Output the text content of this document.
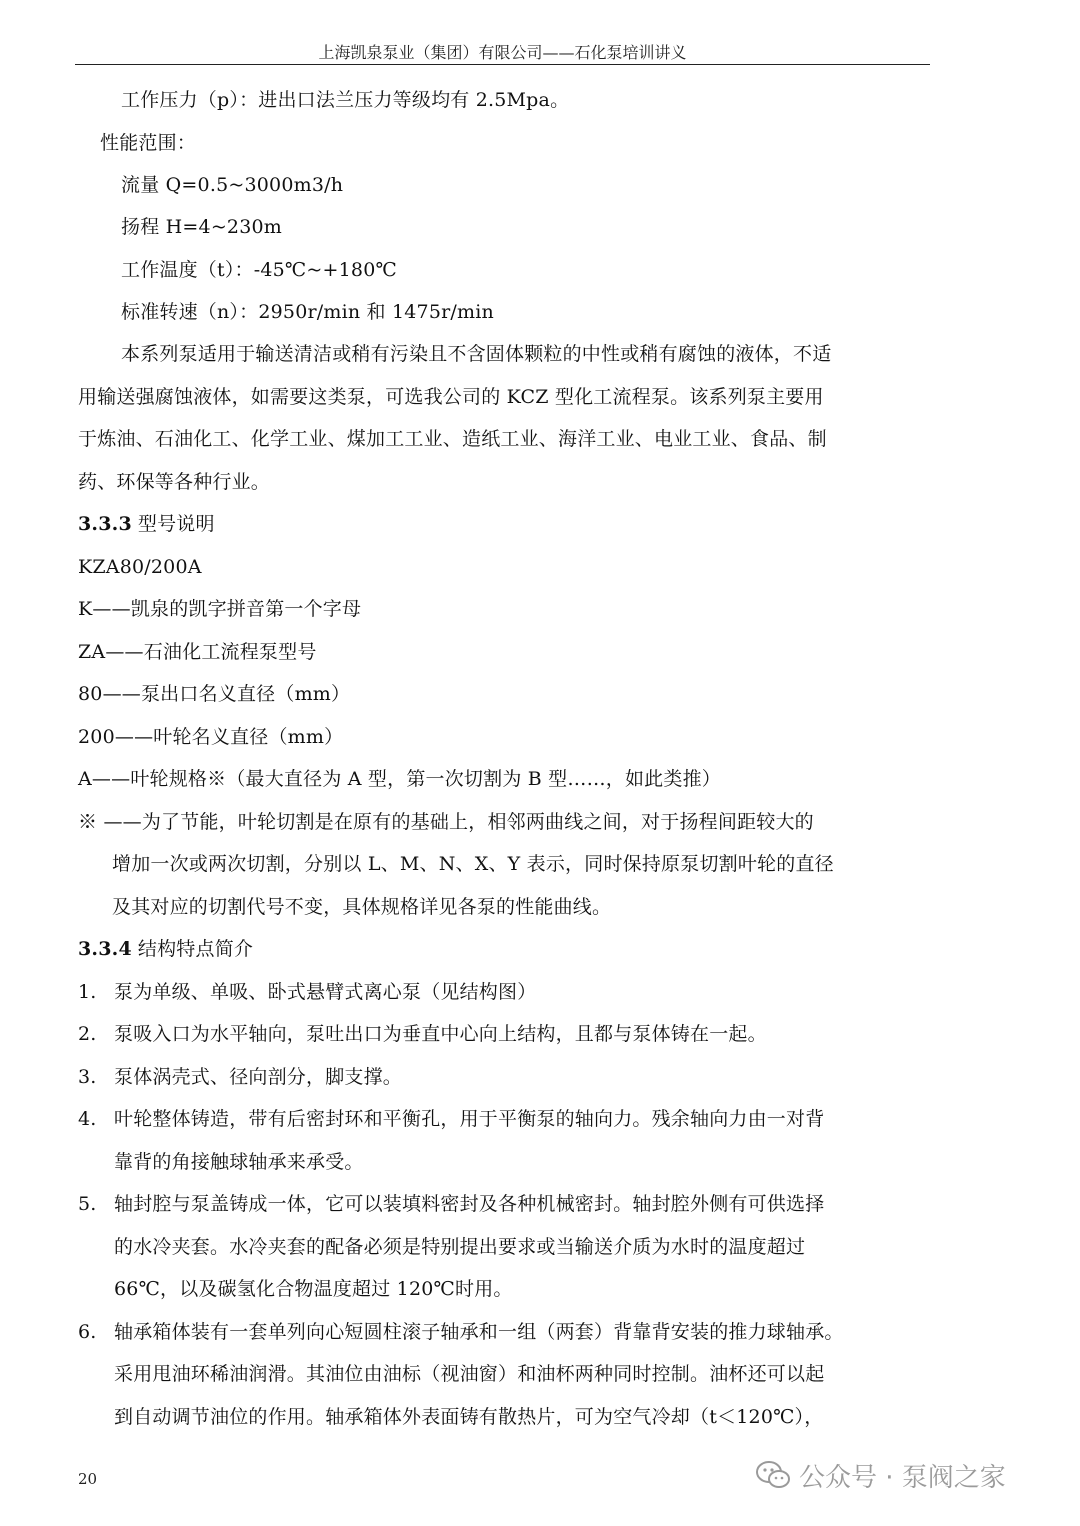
上海凯泉泵业（集团）有限公司——石化泵培训讲义
工作压力（p）：进出口法兰压力等级均有 2.5Mpa。
性能范围：
流量 Q=0.5~3000m3/h
扬程 H=4~230m
工作温度（t）：-45℃~+180℃
标准转速（n）：2950r/min 和 1475r/min
本系列泵适用于输送清洁或稍有污染且不含固体颗粒的中性或稍有腐蚀的液体，不适
用输送强腐蚀液体，如需要这类泵，可选我公司的 KCZ 型化工流程泵。该系列泵主要用
于炼油、石油化工、化学工业、煤加工工业、造纸工业、海洋工业、电业工业、食品、制
药、环保等各种行业。
3.3.3 型号说明
KZA80/200A
K——凯泉的凯字拼音第一个字母
ZA——石油化工流程泵型号
80——泵出口名义直径（mm）
200——叶轮名义直径（mm）
A——叶轮规格※（最大直径为 A 型，第一次切割为 B 型……，如此类推）
※ ——为了节能，叶轮切割是在原有的基础上，相邻两曲线之间，对于扬程间距较大的
增加一次或两次切割，分别以 L、M、N、X、Y 表示，同时保持原泵切割叶轮的直径
及其对应的切割代号不变，具体规格详见各泵的性能曲线。
3.3.4 结构特点简介
1. 泵为单级、单吸、卧式悬臂式离心泵（见结构图）
2. 泵吸入口为水平轴向，泵吐出口为垂直中心向上结构，且都与泵体铸在一起。
3. 泵体涡壳式、径向剖分，脚支撑。
4. 叶轮整体铸造，带有后密封环和平衡孔，用于平衡泵的轴向力。残余轴向力由一对背
靠背的角接触球轴承来承受。
5. 轴封腔与泵盖铸成一体，它可以装填料密封及各种机械密封。轴封腔外侧有可供选择
的水冷夹套。水冷夹套的配备必须是特别提出要求或当输送介质为水时的温度超过
66℃，以及碳氢化合物温度超过 120℃时用。
6. 轴承箱体装有一套单列向心短圆柱滚子轴承和一组（两套）背靠背安装的推力球轴承。
采用甩油环稀油润滑。其油位由油标（视油窗）和油杯两种同时控制。油杯还可以起
到自动调节油位的作用。轴承箱体外表面铸有散热片，可为空气冷却（t＜120℃），
20	公众号 · 泵阀之家
